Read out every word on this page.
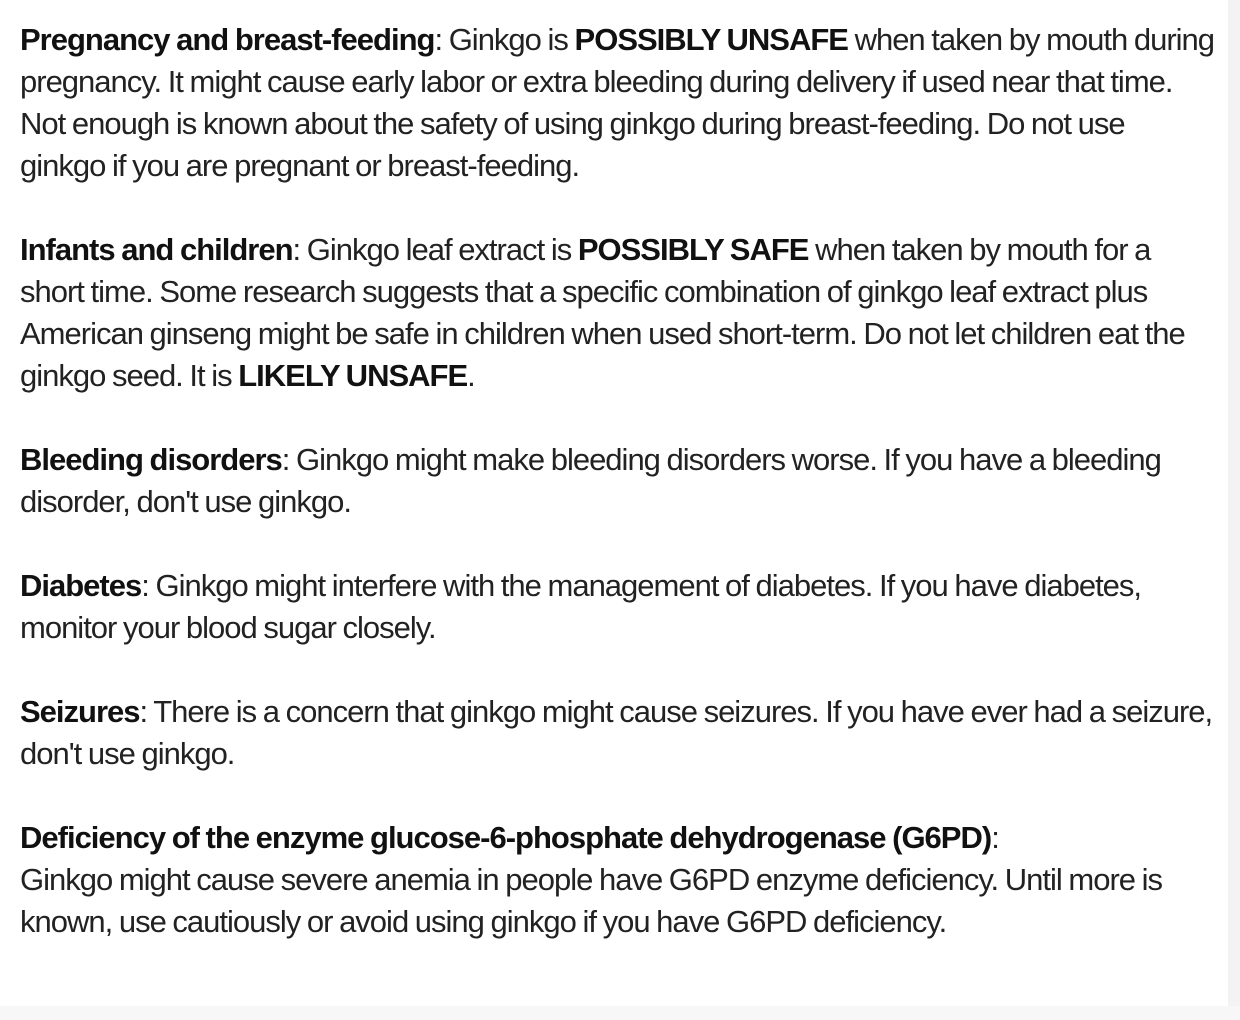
Pregnancy and breast-feeding: Ginkgo is POSSIBLY UNSAFE when taken by mouth during pregnancy. It might cause early labor or extra bleeding during delivery if used near that time. Not enough is known about the safety of using ginkgo during breast-feeding. Do not use ginkgo if you are pregnant or breast-feeding.

Infants and children: Ginkgo leaf extract is POSSIBLY SAFE when taken by mouth for a short time. Some research suggests that a specific combination of ginkgo leaf extract plus American ginseng might be safe in children when used short-term. Do not let children eat the ginkgo seed. It is LIKELY UNSAFE.

Bleeding disorders: Ginkgo might make bleeding disorders worse. If you have a bleeding disorder, don't use ginkgo.

Diabetes: Ginkgo might interfere with the management of diabetes. If you have diabetes, monitor your blood sugar closely.

Seizures: There is a concern that ginkgo might cause seizures. If you have ever had a seizure, don't use ginkgo.

Deficiency of the enzyme glucose-6-phosphate dehydrogenase (G6PD):
Ginkgo might cause severe anemia in people have G6PD enzyme deficiency. Until more is known, use cautiously or avoid using ginkgo if you have G6PD deficiency.
